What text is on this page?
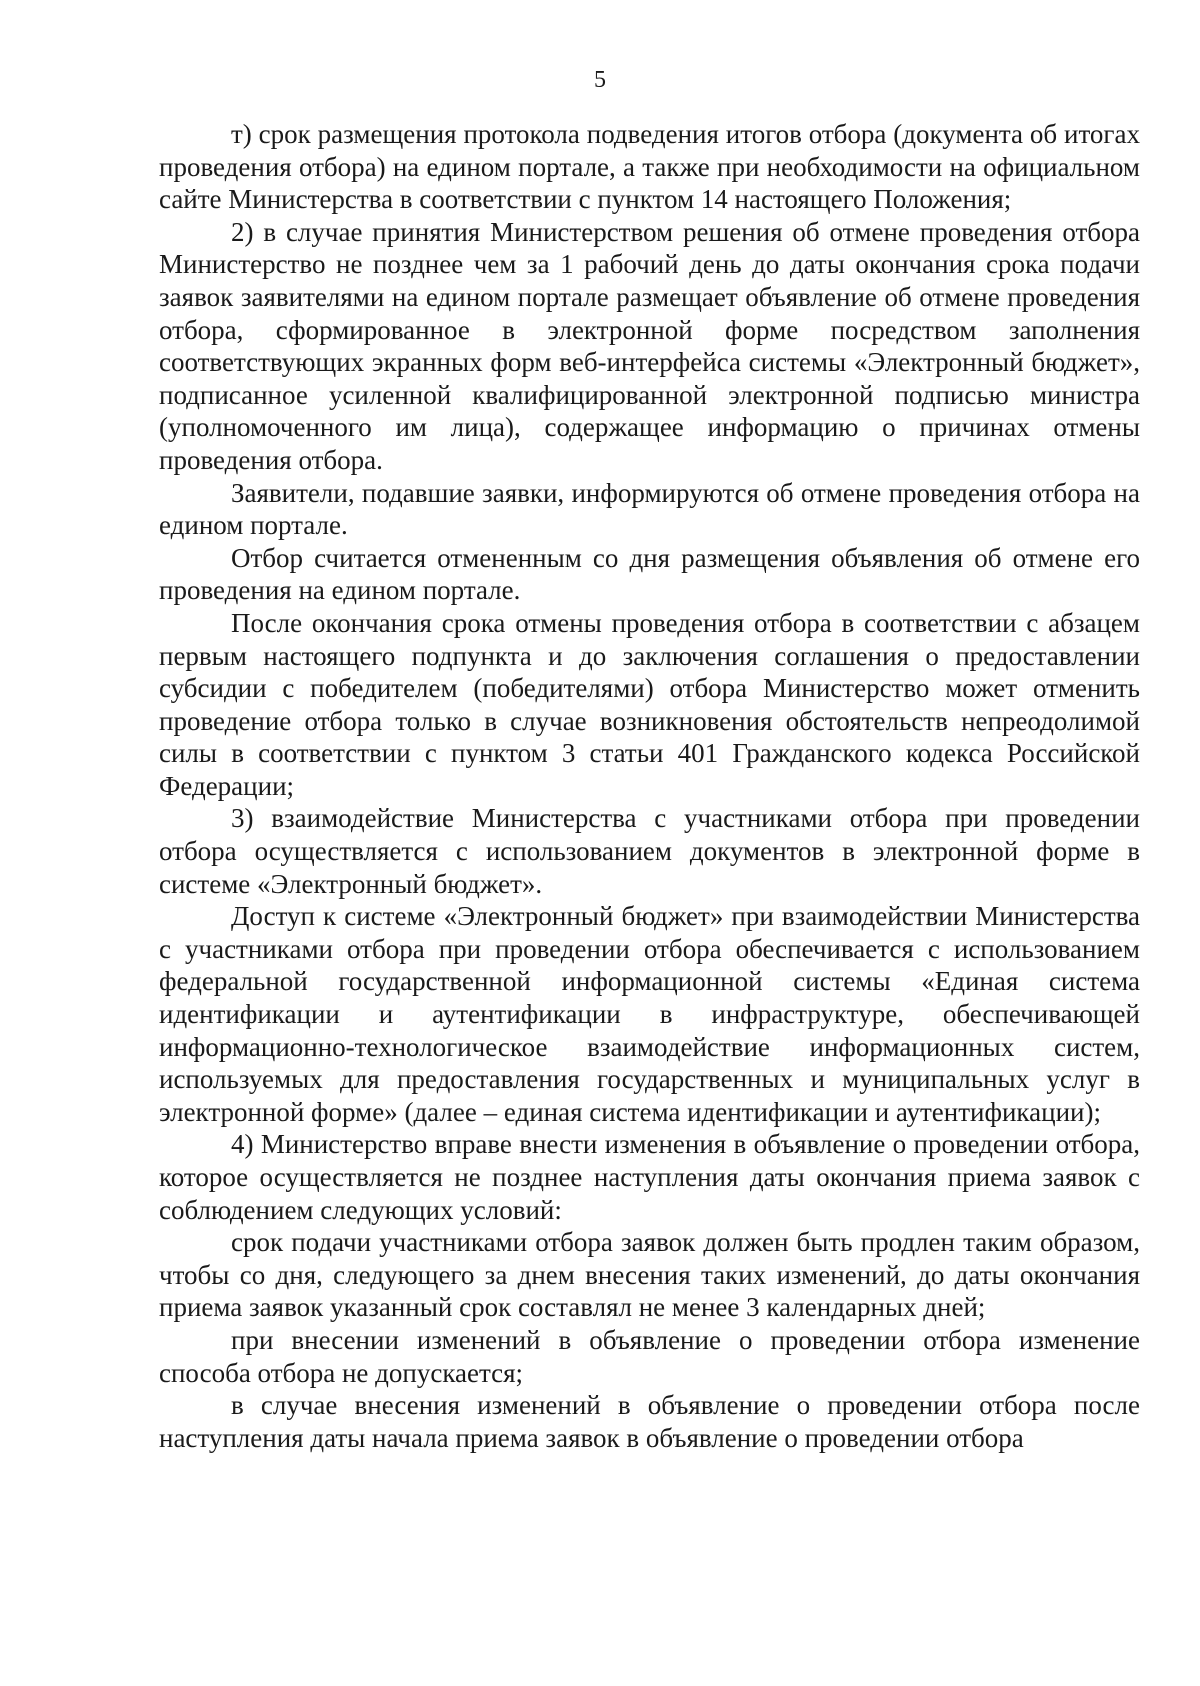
5

т) срок размещения протокола подведения итогов отбора (документа об итогах проведения отбора) на едином портале, а также при необходимости на официальном сайте Министерства в соответствии с пунктом 14 настоящего Положения;

2) в случае принятия Министерством решения об отмене проведения отбора Министерство не позднее чем за 1 рабочий день до даты окончания срока подачи заявок заявителями на едином портале размещает объявление об отмене проведения отбора, сформированное в электронной форме посредством заполнения соответствующих экранных форм веб-интерфейса системы «Электронный бюджет», подписанное усиленной квалифицированной электронной подписью министра (уполномоченного им лица), содержащее информацию о причинах отмены проведения отбора.

Заявители, подавшие заявки, информируются об отмене проведения отбора на едином портале.

Отбор считается отмененным со дня размещения объявления об отмене его проведения на едином портале.

После окончания срока отмены проведения отбора в соответствии с абзацем первым настоящего подпункта и до заключения соглашения о предоставлении субсидии с победителем (победителями) отбора Министерство может отменить проведение отбора только в случае возникновения обстоятельств непреодолимой силы в соответствии с пунктом 3 статьи 401 Гражданского кодекса Российской Федерации;

3) взаимодействие Министерства с участниками отбора при проведении отбора осуществляется с использованием документов в электронной форме в системе «Электронный бюджет».

Доступ к системе «Электронный бюджет» при взаимодействии Министерства с участниками отбора при проведении отбора обеспечивается с использованием федеральной государственной информационной системы «Единая система идентификации и аутентификации в инфраструктуре, обеспечивающей информационно-технологическое взаимодействие информационных систем, используемых для предоставления государственных и муниципальных услуг в электронной форме» (далее – единая система идентификации и аутентификации);

4) Министерство вправе внести изменения в объявление о проведении отбора, которое осуществляется не позднее наступления даты окончания приема заявок с соблюдением следующих условий:

срок подачи участниками отбора заявок должен быть продлен таким образом, чтобы со дня, следующего за днем внесения таких изменений, до даты окончания приема заявок указанный срок составлял не менее 3 календарных дней;

при внесении изменений в объявление о проведении отбора изменение способа отбора не допускается;

в случае внесения изменений в объявление о проведении отбора после наступления даты начала приема заявок в объявление о проведении отбора
